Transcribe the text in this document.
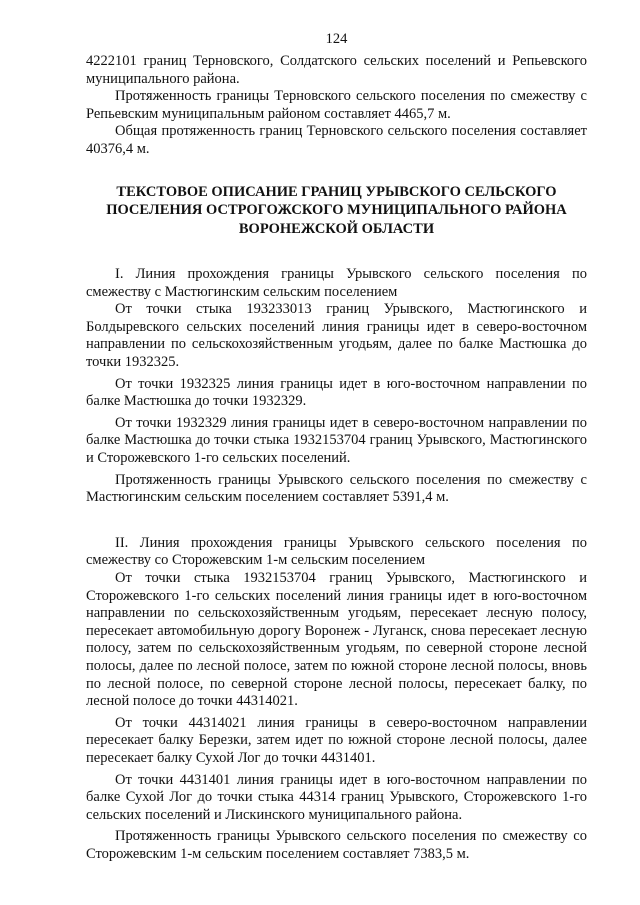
124

4222101 границ Терновского, Солдатского сельских поселений и Репьевского муниципального района.

Протяженность границы Терновского сельского поселения по смежеству с Репьевским муниципальным районом составляет 4465,7 м.

Общая протяженность границ Терновского сельского поселения составляет 40376,4 м.

ТЕКСТОВОЕ ОПИСАНИЕ ГРАНИЦ УРЫВСКОГО СЕЛЬСКОГО ПОСЕЛЕНИЯ ОСТРОГОЖСКОГО МУНИЦИПАЛЬНОГО РАЙОНА ВОРОНЕЖСКОЙ ОБЛАСТИ

I. Линия прохождения границы Урывского сельского поселения по смежеству с Мастюгинским сельским поселением

От точки стыка 193233013 границ Урывского, Мастюгинского и Болдыревского сельских поселений линия границы идет в северо-восточном направлении по сельскохозяйственным угодьям, далее по балке Мастюшка до точки 1932325.

От точки 1932325 линия границы идет в юго-восточном направлении по балке Мастюшка до точки 1932329.

От точки 1932329 линия границы идет в северо-восточном направлении по балке Мастюшка до точки стыка 1932153704 границ Урывского, Мастюгинского и Сторожевского 1-го сельских поселений.

Протяженность границы Урывского сельского поселения по смежеству с Мастюгинским сельским поселением составляет 5391,4 м.

II. Линия прохождения границы Урывского сельского поселения по смежеству со Сторожевским 1-м сельским поселением

От точки стыка 1932153704 границ Урывского, Мастюгинского и Сторожевского 1-го сельских поселений линия границы идет в юго-восточном направлении по сельскохозяйственным угодьям, пересекает лесную полосу, пересекает автомобильную дорогу Воронеж - Луганск, снова пересекает лесную полосу, затем по сельскохозяйственным угодьям, по северной стороне лесной полосы, далее по лесной полосе, затем по южной стороне лесной полосы, вновь по лесной полосе, по северной стороне лесной полосы, пересекает балку, по лесной полосе до точки 44314021.

От точки 44314021 линия границы в северо-восточном направлении пересекает балку Березки, затем идет по южной стороне лесной полосы, далее пересекает балку Сухой Лог до точки 4431401.

От точки 4431401 линия границы идет в юго-восточном направлении по балке Сухой Лог до точки стыка 44314 границ Урывского, Сторожевского 1-го сельских поселений и Лискинского муниципального района.

Протяженность границы Урывского сельского поселения по смежеству со Сторожевским 1-м сельским поселением составляет 7383,5 м.
